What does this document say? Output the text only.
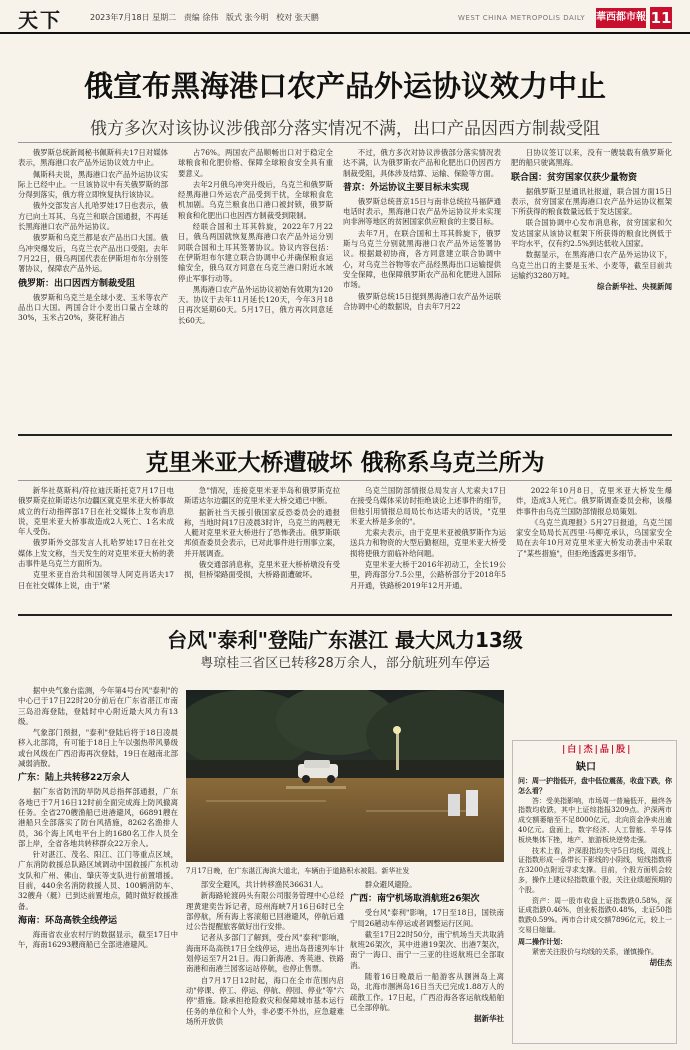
天下	2023年7月18日 星期二 责编 徐伟 版式 张今明 校对 张天鹏	WEST CHINA METROPOLIS DAILY 華西都市報 11
俄宣布黑海港口农产品外运协议效力中止
俄方多次对该协议涉俄部分落实情况不满，出口产品因西方制裁受阻

俄罗斯总统新闻秘书佩斯科夫17日对媒体表示，黑海港口农产品外运协议效力中止。

佩斯科夫说，黑海港口农产品外运协议实际上已经中止。一旦该协议中有关俄罗斯的部分得到落实，俄方将立即恢复执行该协议。

俄外交部发言人扎哈罗娃17日也表示，俄方已向土耳其、乌克兰和联合国通报，不再延长黑海港口农产品外运协议。

俄罗斯和乌克兰都是农产品出口大国。俄乌冲突爆发后，乌克兰农产品出口受阻。去年7月22日，俄乌两国代表在伊斯坦布尔分别签署协议，保障农产品外运。

俄罗斯：出口因西方制裁受阻

俄罗斯和乌克兰是全球小麦、玉米等农产品出口大国。两国合计小麦出口量占全球的30%，玉米占20%，葵花籽油占

占76%。两国农产品顺畅出口对于稳定全球粮食和化肥价格、保障全球粮食安全具有重要意义。

去年2月俄乌冲突升级后，乌克兰和俄罗斯经黑海港口外运农产品受到干扰，全球粮食危机加剧。乌克兰粮食出口港口被封锁，俄罗斯粮食和化肥出口也因西方制裁受到限制。

经联合国和土耳其斡旋，2022年7月22日，俄乌两国就恢复黑海港口农产品外运分别同联合国和土耳其签署协议。协议内容包括：在伊斯坦布尔建立联合协调中心并确保粮食运输安全，俄乌双方同意在乌克兰港口附近水域停止军事行动等。

黑海港口农产品外运协议初始有效期为120天。协议于去年11月延长120天，今年3月18日再次延期60天。5月17日，俄方再次同意延长60天。

不过，俄方多次对协议涉俄部分落实情况表达不满，认为俄罗斯农产品和化肥出口仍因西方制裁受阻，具体涉及结算、运输、保险等方面。

普京：外运协议主要目标未实现

俄罗斯总统普京15日与南非总统拉马福萨通电话时表示，黑海港口农产品外运协议并未实现向非洲等地区的贫困国家供应粮食的主要目标。

去年7月，在联合国和土耳其斡旋下，俄罗斯与乌克兰分别就黑海港口农产品外运签署协议。根据最初协商，各方同意建立联合协调中心，对乌克兰谷物等农产品经黑海出口运输提供安全保障，也保障俄罗斯农产品和化肥进入国际市场。

俄罗斯总统15日提到黑海港口农产品外运联合协调中心的数据说，自去年7月22

日协议签订以来，没有一艘装载有俄罗斯化肥的船只驶离黑海。

联合国：贫穷国家仅获少量物资

据俄罗斯卫星通讯社报道，联合国方面15日表示，贫穷国家在黑海港口农产品外运协议框架下所获得的粮食数量远低于发达国家。

联合国协调中心发布消息称，贫穷国家和欠发达国家从该协议框架下所获得的粮食比例低于平均水平，仅有约2.5%到达低收入国家。

数据显示，在黑海港口农产品外运协议下，乌克兰出口的主要是玉米、小麦等，截至目前共运输约3280万吨。

综合新华社、央视新闻
克里米亚大桥遭破坏 俄称系乌克兰所为

新华社莫斯科/符拉迪沃斯托克7月17日电 俄罗斯克拉斯诺达尔边疆区就克里米亚大桥事故成立的行动指挥部17日在社交媒体上发布消息说，克里米亚大桥事故造成2人死亡、1名未成年人受伤。

俄罗斯外交部发言人扎哈罗娃17日在社交媒体上发文称，当天发生的对克里米亚大桥的袭击事件是乌克兰方面所为。

克里米亚自治共和国领导人阿克肖诺夫17日在社交媒体上说，由于"紧

急"情况，连接克里米亚半岛和俄罗斯克拉斯诺达尔边疆区的克里米亚大桥交通已中断。

据新社当天援引俄国家反恐委员会的通报称，当地时间17日凌晨3时许，乌克兰的两艘无人艇对克里米亚大桥进行了恐怖袭击。俄罗斯联邦侦查委员会表示，已对此事件进行刑事立案，并开展调查。

俄交通部消息称，克里米亚大桥桥墩没有受损，但桥梁路面受损，大桥路面遭破坏。

乌克兰国防部情报总局发言人尤索夫17日在接受乌媒体采访时拒绝谈论上述事件的细节，但他引用情报总局局长布达诺夫的话说，"克里米亚大桥是多余的"。

尤索夫表示，由于克里米亚被俄罗斯作为运送兵力和物资的大型后勤枢纽，克里米亚大桥受损将使俄方面临补给问题。

克里米亚大桥于2016年初动工，全长19公里，跨海部分7.5公里，公路桥部分于2018年5月开通，铁路桥2019年12月开通。

2022年10月8日，克里米亚大桥发生爆炸，造成3人死亡。俄罗斯调查委员会称，该爆炸事件由乌克兰国防部情报总局策划。

《乌克兰真理报》5月27日报道，乌克兰国家安全局局长瓦西里·马柳克承认，乌国家安全局在去年10月对克里米亚大桥发动袭击中采取了"某些措施"，但拒绝透露更多细节。

台风"泰利"登陆广东湛江 最大风力13级
粤琼桂三省区已转移28万余人，部分航班列车停运

据中央气象台监测，今年第4号台风"泰利"的中心已于17日22时20分前后在广东省湛江市南三岛沿海登陆，登陆时中心附近最大风力有13级。

气象部门预报，"泰利"登陆后将于18日凌晨移入北部湾，有可能于18日上午以强热带风暴级或台风级在广西沿海再次登陆，19日在越南北部减弱消散。

广东：陆上共转移22万余人

据广东省防汛防旱防风总指挥部通报，广东各地已于7月16日12时前全面完成海上防风撤离任务。全省270艘渔船已进港避风，66891艘在港船只全部落实了防台风措施，8262名渔排人员，36个海上风电平台上的1680名工作人员全部上岸，全省各地共转移群众22万余人。

针对湛江、茂名、阳江、江门等重点区域，广东消防救援总队路区域调动中国救援广东机动支队和广州、佛山、肇庆等支队进行前置增援。目前，440余名消防救援人员、100辆消防车、32艘舟（艇）已到达前置地点，随时做好救援准备。

海南：环岛高铁全线停运

海南省农业农村厅的数据显示，截至17日中午，海南16293艘商船已全部进港避风。

7月17日晚，在广东湛江海滨大道北，车辆由于道路积水被阻。新华社发

部安全避风，共计转移渔民36631人。

新海路轮渡码头有限公司服务管理中心总经理黄建奕告诉记者，琼州海峡7月16日6时已全部停航，所有海上客滚船已回港避风，停航后通过公告提醒旅客做好出行安排。

记者从多部门了解到，受台风"泰利"影响，海南环岛高铁17日全线停运，进出岛普速列车计划停运至7月21日。海口新海港、秀英港、铁路南港和南港兰园客运站停航，也停止售票。

自7月17日12时起，海口在全市范围内启动"停课、停工、停运、停航、停园、停业"等"六停"措施。除承担抢险救灾和保障城市基本运行任务的单位和个人外，非必要不外出，应急避难场所开放供

群众避风避险。

广西：南宁机场取消航班26架次

受台风"泰利"影响，17日至18日，国铁南宁局26趟动车停运或者调整运行区间。

截至17日22时50分，南宁机场当天共取消航班26架次，其中进港19架次、出港7架次，南宁一海口、南宁一三亚的往返航班已全部取消。

随着16日晚最后一船游客从涠洲岛上离岛，北海市涠洲岛16日当天已完成1.88万人的疏散工作。17日起，广西沿海各客运航线船舶已全部停航。

据新华社
|白|杰|品|股|
缺口

问：周一护指低开，盘中低位震荡，收盘下跌，你怎么看？

答：受美指影响，市场周一普遍低开，最终各指数均收跌，其中上证综指报3209点。沪深两市成交额萎缩至不足8000亿元，北向资金净卖出逾40亿元。盘面上，数字经济、人工智能、半导体板块集体下挫，地产、旅游板块逆势走强。

技术上看，沪深股指均失守5日均线，周线上证指数形成一条带长下影线的小阴线，短线指数将在3200点附近寻求支撑。目前，个股方面机会较多，操作上建议轻指数重个股，关注业绩超预期的个股。

资产：周一股市收盘上证指数跌0.58%，深证成指跌0.46%，创业板指跌0.48%，北证50指数跌0.59%。两市合计成交额7896亿元，较上一交易日缩量。

周二操作计划：

紧密关注股价与均线的关系，谨慎操作。

胡佳杰
